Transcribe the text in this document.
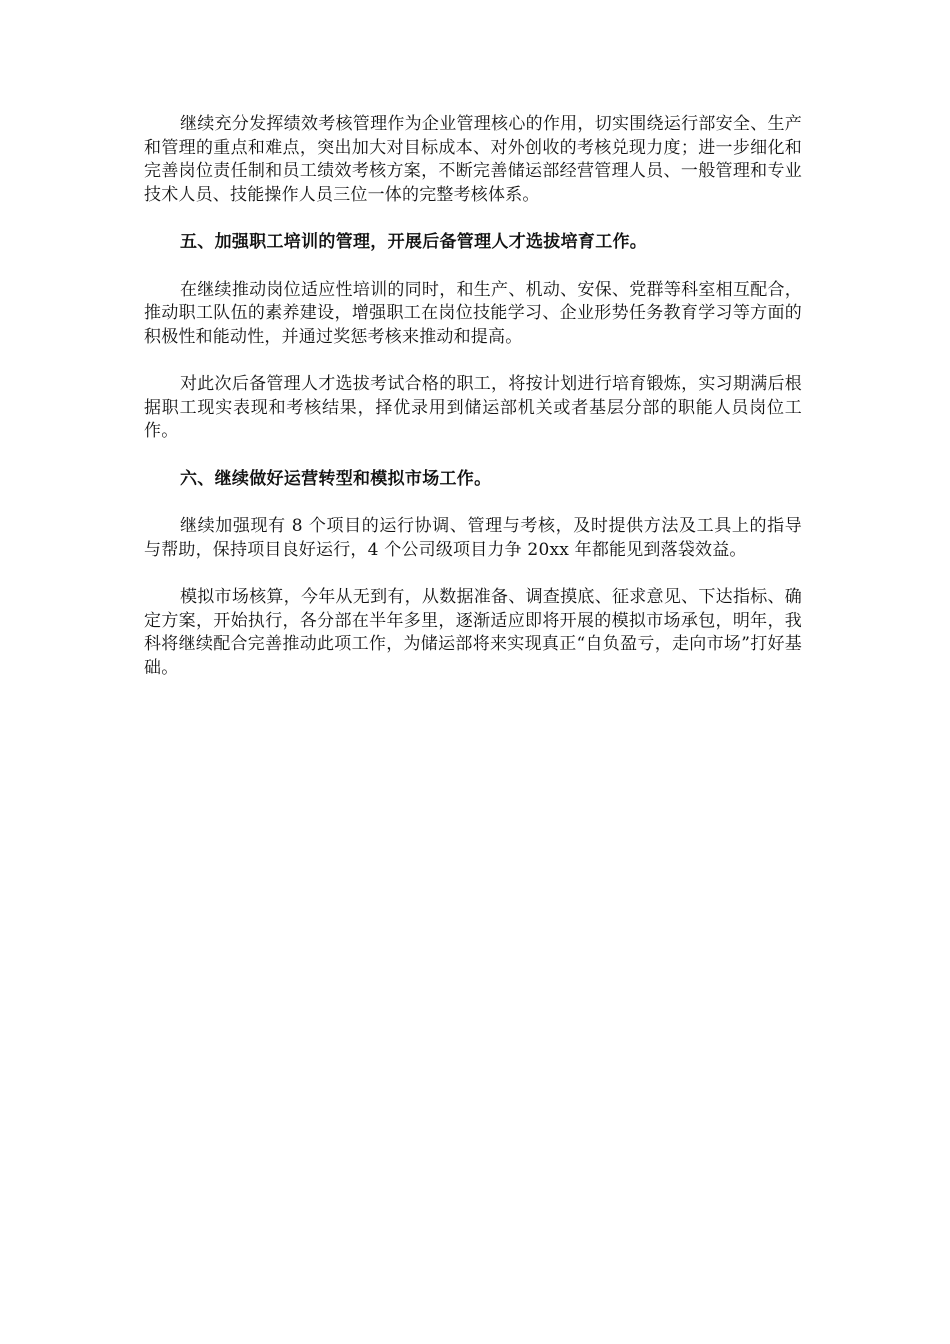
继续充分发挥绩效考核管理作为企业管理核心的作用，切实围绕运行部安全、生产和管理的重点和难点，突出加大对目标成本、对外创收的考核兑现力度；进一步细化和完善岗位责任制和员工绩效考核方案，不断完善储运部经营管理人员、一般管理和专业技术人员、技能操作人员三位一体的完整考核体系。

五、加强职工培训的管理，开展后备管理人才选拔培育工作。

在继续推动岗位适应性培训的同时，和生产、机动、安保、党群等科室相互配合，推动职工队伍的素养建设，增强职工在岗位技能学习、企业形势任务教育学习等方面的积极性和能动性，并通过奖惩考核来推动和提高。

对此次后备管理人才选拔考试合格的职工，将按计划进行培育锻炼，实习期满后根据职工现实表现和考核结果，择优录用到储运部机关或者基层分部的职能人员岗位工作。

六、继续做好运营转型和模拟市场工作。

继续加强现有 8 个项目的运行协调、管理与考核，及时提供方法及工具上的指导与帮助，保持项目良好运行，4 个公司级项目力争 20xx 年都能见到落袋效益。

模拟市场核算，今年从无到有，从数据准备、调查摸底、征求意见、下达指标、确定方案，开始执行，各分部在半年多里，逐渐适应即将开展的模拟市场承包，明年，我科将继续配合完善推动此项工作，为储运部将来实现真正“自负盈亏，走向市场”打好基础。
